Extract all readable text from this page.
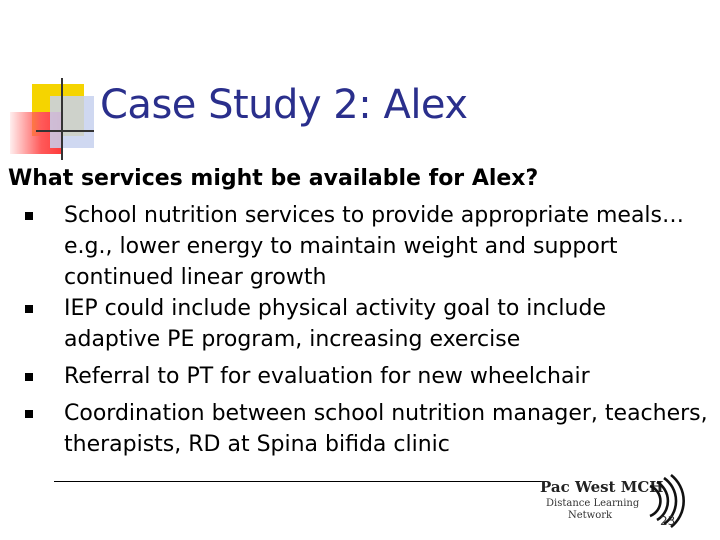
Case Study 2: Alex
What services might be available for Alex?
School nutrition services to provide appropriate meals…e.g., lower energy to maintain weight and support continued linear growth
IEP could include physical activity goal to include adaptive PE program, increasing exercise
Referral to PT for evaluation for new wheelchair
Coordination between school nutrition manager, teachers, therapists, RD at Spina bifida clinic
Pac West MCH
Distance Learning
Network	23
